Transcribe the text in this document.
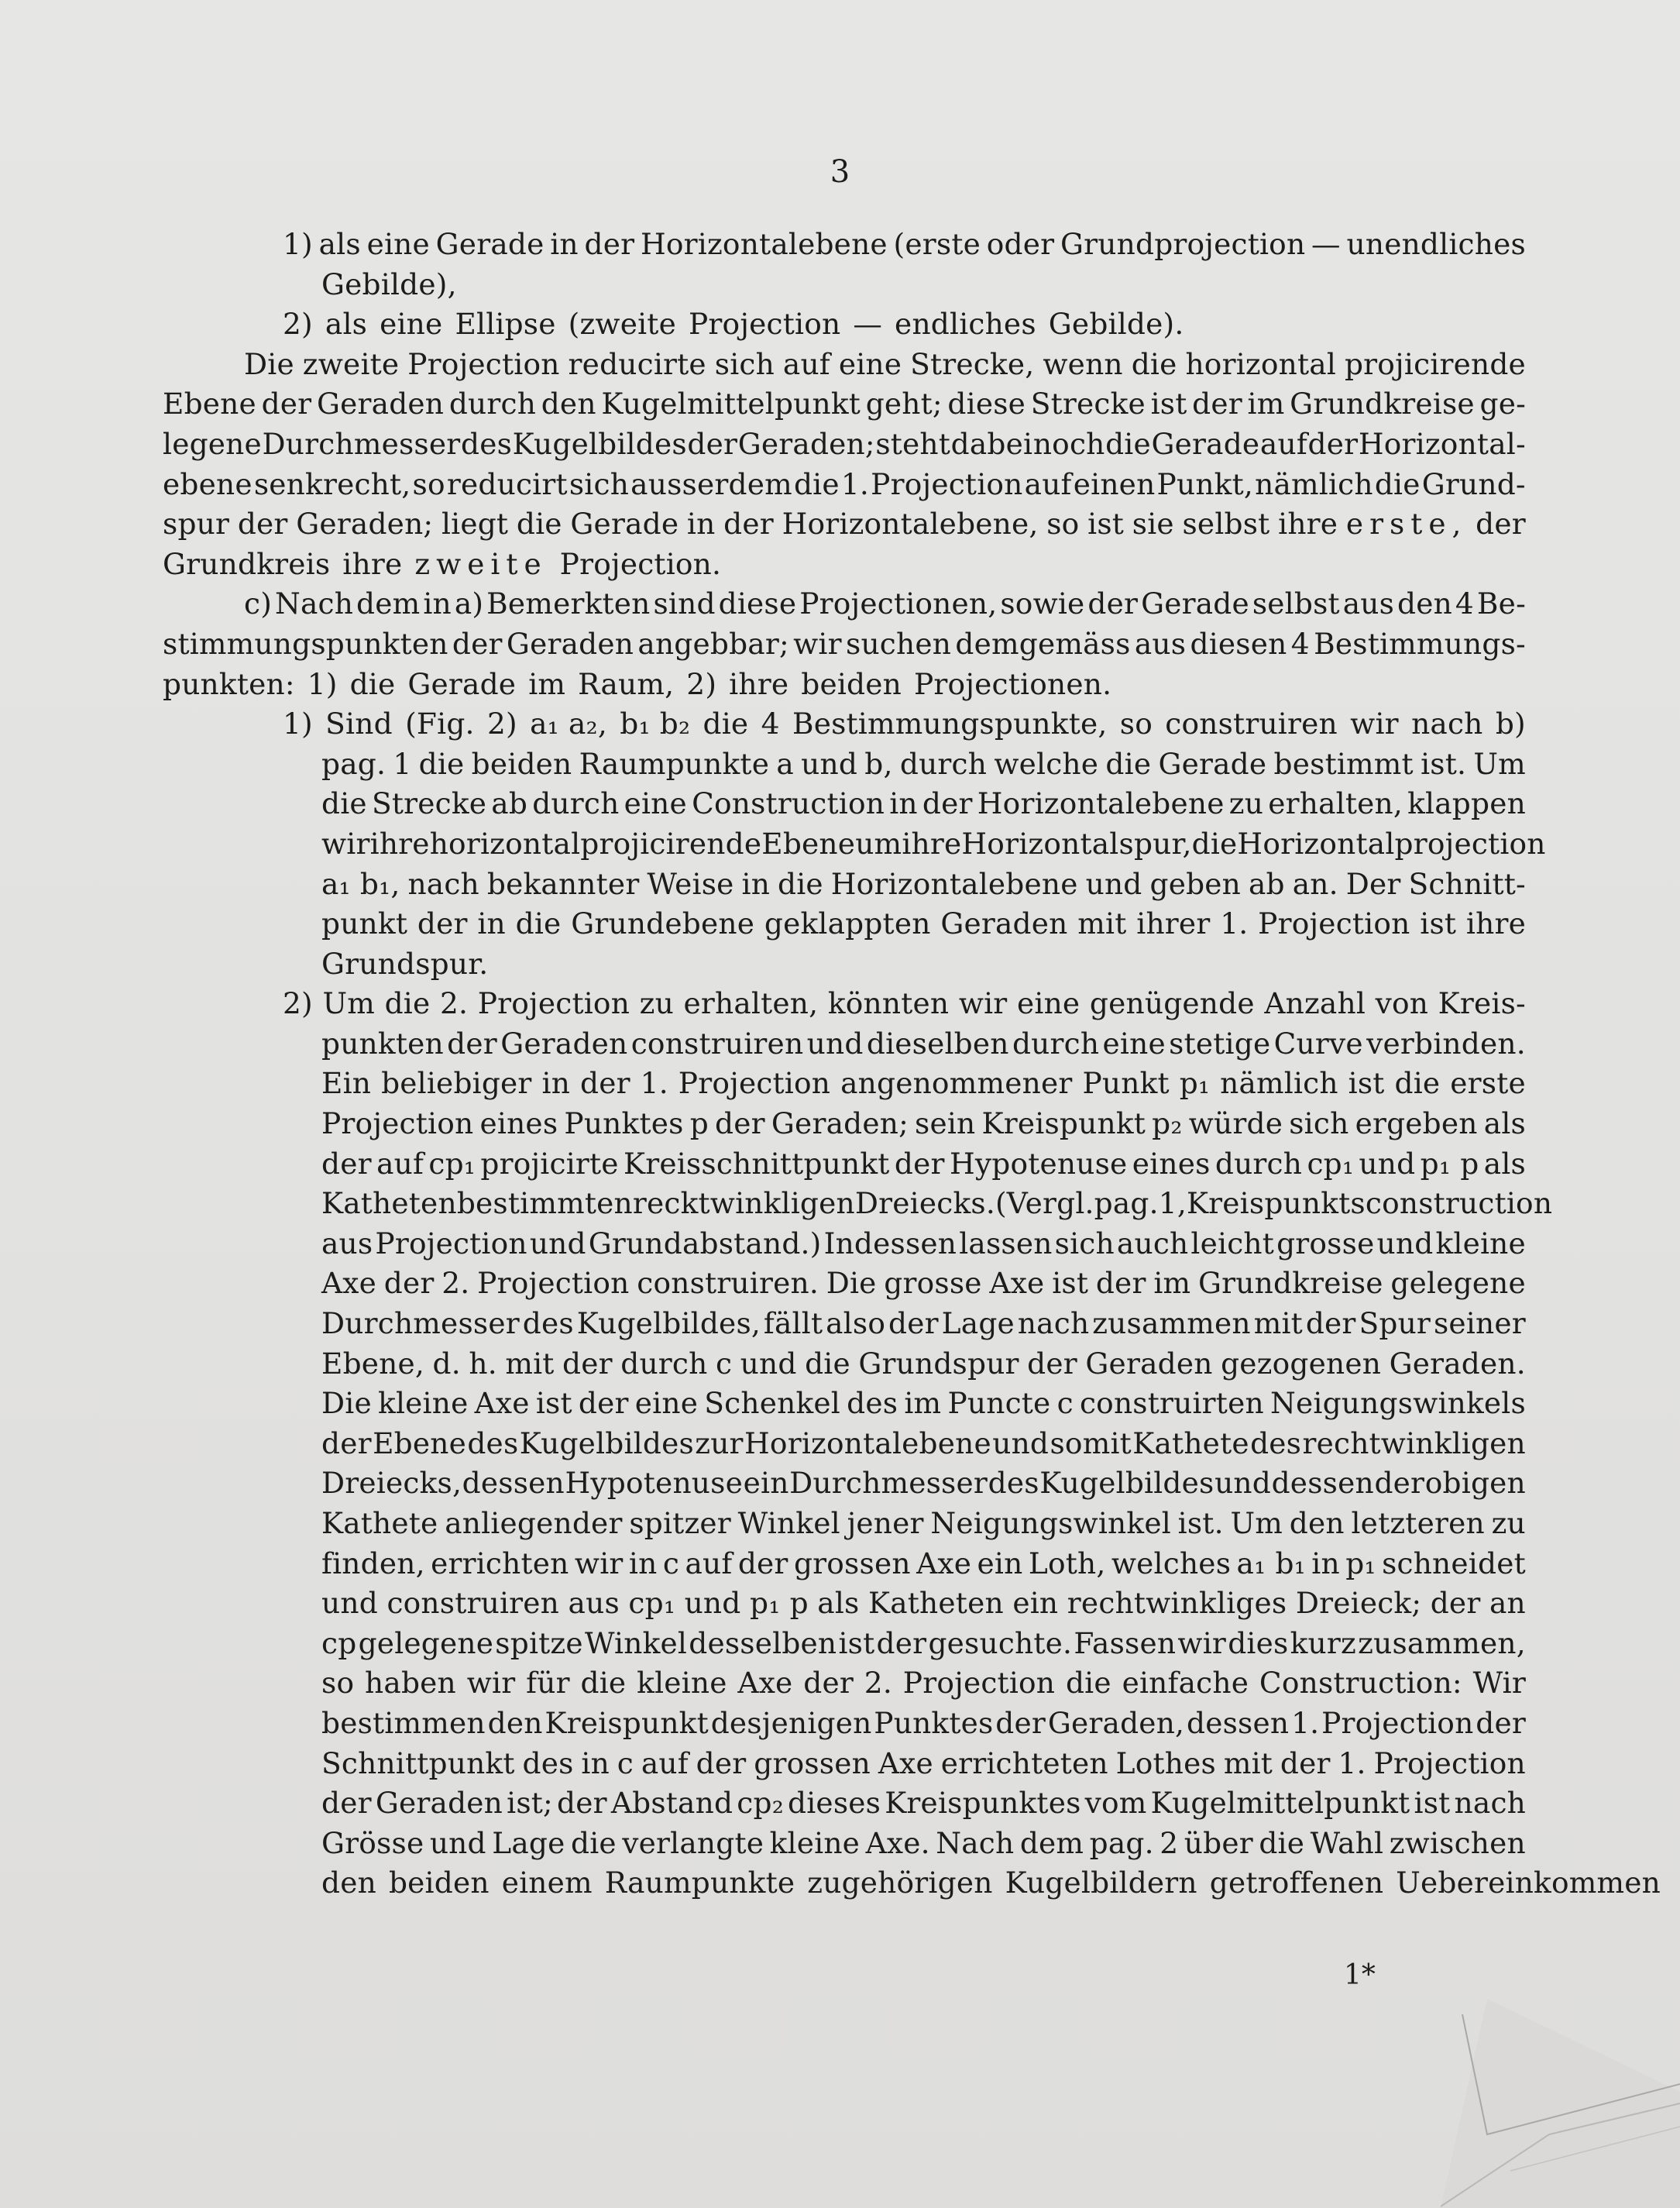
3
1) als eine Gerade in der Horizontalebene (erste oder Grundprojection — unendliches
Gebilde),
2) als eine Ellipse (zweite Projection — endliches Gebilde).
Die zweite Projection reducirte sich auf eine Strecke, wenn die horizontal projicirende
Ebene der Geraden durch den Kugelmittelpunkt geht; diese Strecke ist der im Grundkreise ge-
legene Durchmesser des Kugelbildes der Geraden; steht dabei noch die Gerade auf der Horizontal-
ebene senkrecht, so reducirt sich ausserdem die 1. Projection auf einen Punkt, nämlich die Grund-
spur der Geraden; liegt die Gerade in der Horizontalebene, so ist sie selbst ihre erste, der
Grundkreis ihre zweite Projection.
c) Nach dem in a) Bemerkten sind diese Projectionen, sowie der Gerade selbst aus den 4 Be-
stimmungspunkten der Geraden angebbar; wir suchen demgemäss aus diesen 4 Bestimmungs-
punkten: 1) die Gerade im Raum, 2) ihre beiden Projectionen.
1) Sind (Fig. 2) a₁ a₂, b₁ b₂ die 4 Bestimmungspunkte, so construiren wir nach b)
pag. 1 die beiden Raumpunkte a und b, durch welche die Gerade bestimmt ist. Um
die Strecke ab durch eine Construction in der Horizontalebene zu erhalten, klappen
wir ihre horizontal projicirende Ebene um ihre Horizontalspur, die Horizontalprojection
a₁ b₁, nach bekannter Weise in die Horizontalebene und geben ab an. Der Schnitt-
punkt der in die Grundebene geklappten Geraden mit ihrer 1. Projection ist ihre
Grundspur.
2) Um die 2. Projection zu erhalten, könnten wir eine genügende Anzahl von Kreis-
punkten der Geraden construiren und dieselben durch eine stetige Curve verbinden.
Ein beliebiger in der 1. Projection angenommener Punkt p₁ nämlich ist die erste
Projection eines Punktes p der Geraden; sein Kreispunkt p₂ würde sich ergeben als
der auf cp₁ projicirte Kreisschnittpunkt der Hypotenuse eines durch cp₁ und p₁ p als
Katheten bestimmten recktwinkligen Dreiecks. (Vergl. pag. 1, Kreispunktsconstruction
aus Projection und Grundabstand.) Indessen lassen sich auch leicht grosse und kleine
Axe der 2. Projection construiren. Die grosse Axe ist der im Grundkreise gelegene
Durchmesser des Kugelbildes, fällt also der Lage nach zusammen mit der Spur seiner
Ebene, d. h. mit der durch c und die Grundspur der Geraden gezogenen Geraden.
Die kleine Axe ist der eine Schenkel des im Puncte c construirten Neigungswinkels
der Ebene des Kugelbildes zur Horizontalebene und somit Kathete des rechtwinkligen
Dreiecks, dessen Hypotenuse ein Durchmesser des Kugelbildes und dessen der obigen
Kathete anliegender spitzer Winkel jener Neigungswinkel ist. Um den letzteren zu
finden, errichten wir in c auf der grossen Axe ein Loth, welches a₁ b₁ in p₁ schneidet
und construiren aus cp₁ und p₁ p als Katheten ein rechtwinkliges Dreieck; der an
cp gelegene spitze Winkel desselben ist der gesuchte. Fassen wir dies kurz zusammen,
so haben wir für die kleine Axe der 2. Projection die einfache Construction: Wir
bestimmen den Kreispunkt desjenigen Punktes der Geraden, dessen 1. Projection der
Schnittpunkt des in c auf der grossen Axe errichteten Lothes mit der 1. Projection
der Geraden ist; der Abstand cp₂ dieses Kreispunktes vom Kugelmittelpunkt ist nach
Grösse und Lage die verlangte kleine Axe. Nach dem pag. 2 über die Wahl zwischen
den beiden einem Raumpunkte zugehörigen Kugelbildern getroffenen Uebereinkommen
1*
